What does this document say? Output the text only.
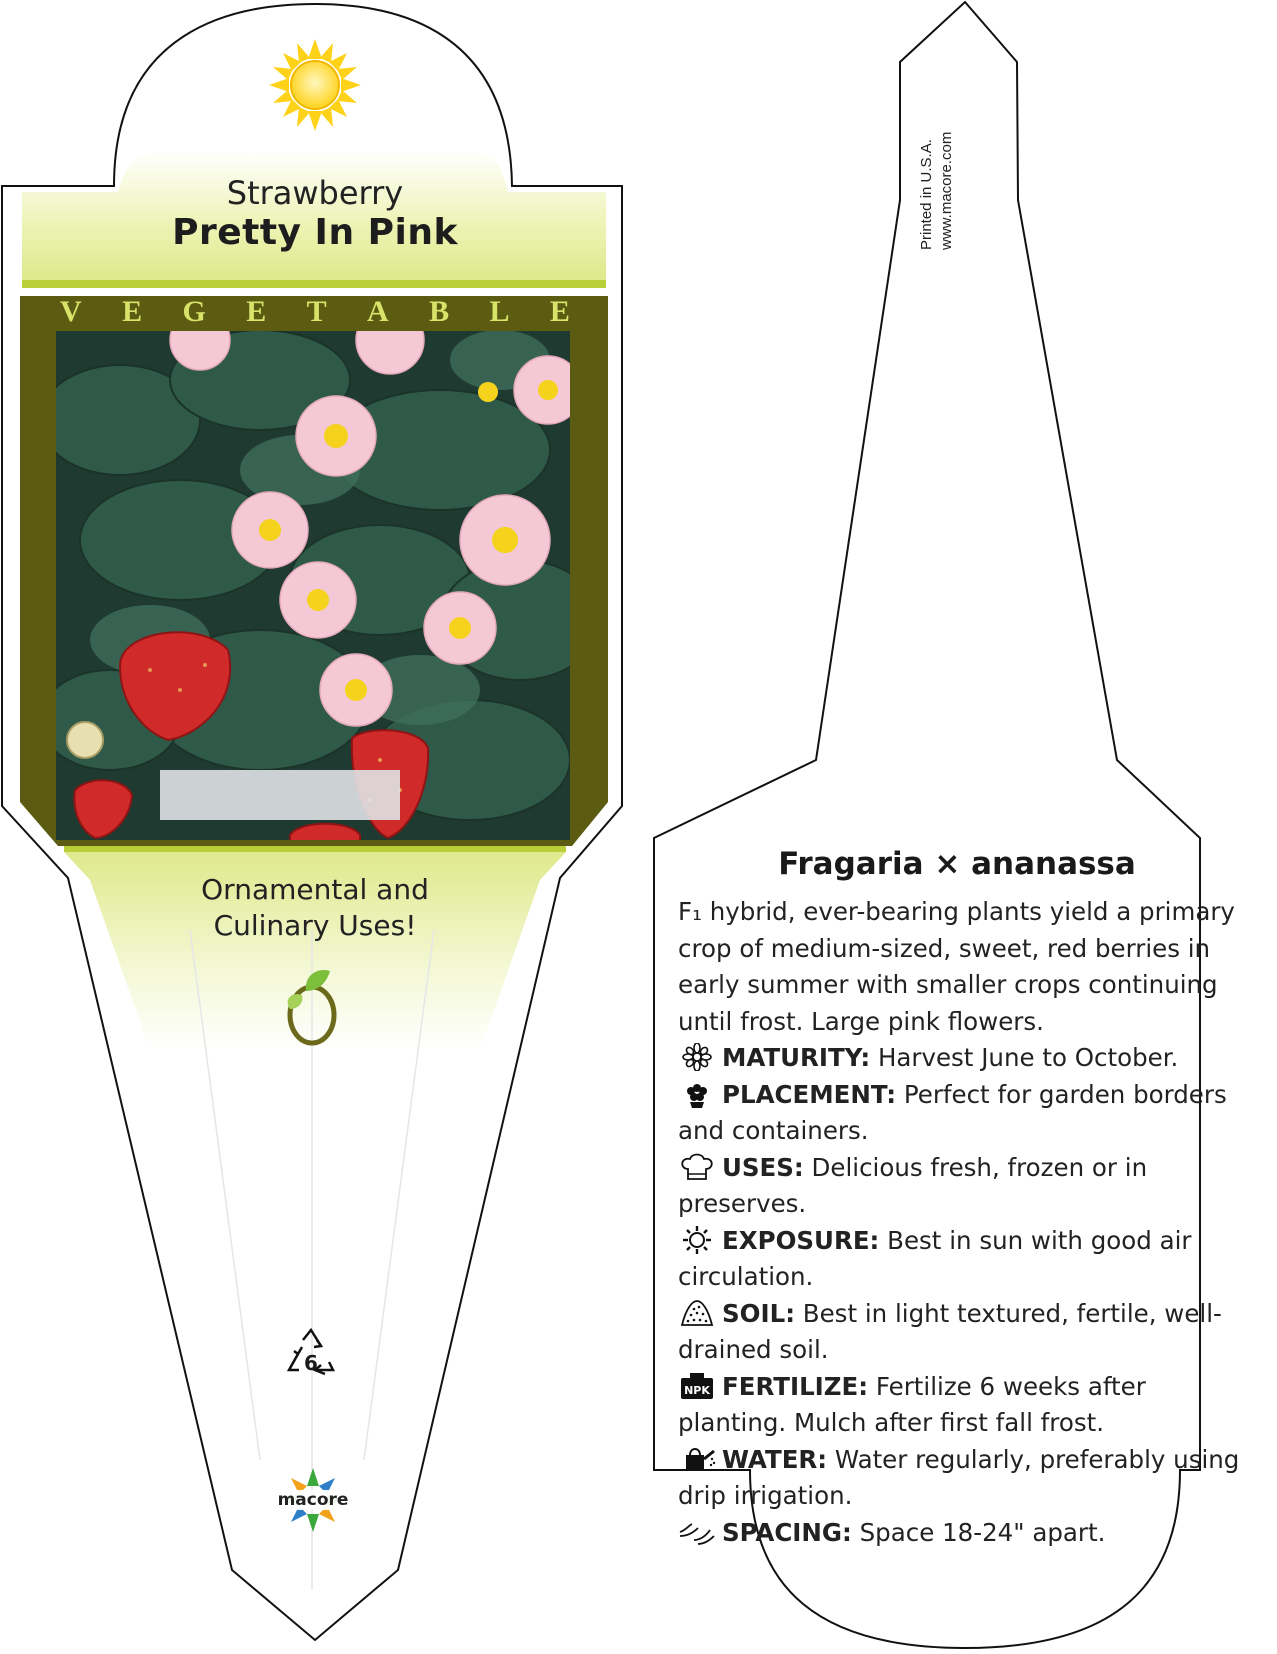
Strawberry
Pretty In Pink
V E G E T A B L E
Ornamental and
Culinary Uses!
6
macore
Printed in U.S.A. www.macore.com
Fragaria × ananassa
F₁ hybrid, ever-bearing plants yield a primary crop of medium-sized, sweet, red berries in early summer with smaller crops continuing until frost. Large pink flowers.
MATURITY: Harvest June to October.
PLACEMENT: Perfect for garden borders and containers.
USES: Delicious fresh, frozen or in preserves.
EXPOSURE: Best in sun with good air circulation.
SOIL: Best in light textured, fertile, well-drained soil.
NPK FERTILIZE: Fertilize 6 weeks after planting. Mulch after first fall frost.
WATER: Water regularly, preferably using drip irrigation.
SPACING: Space 18-24" apart.
